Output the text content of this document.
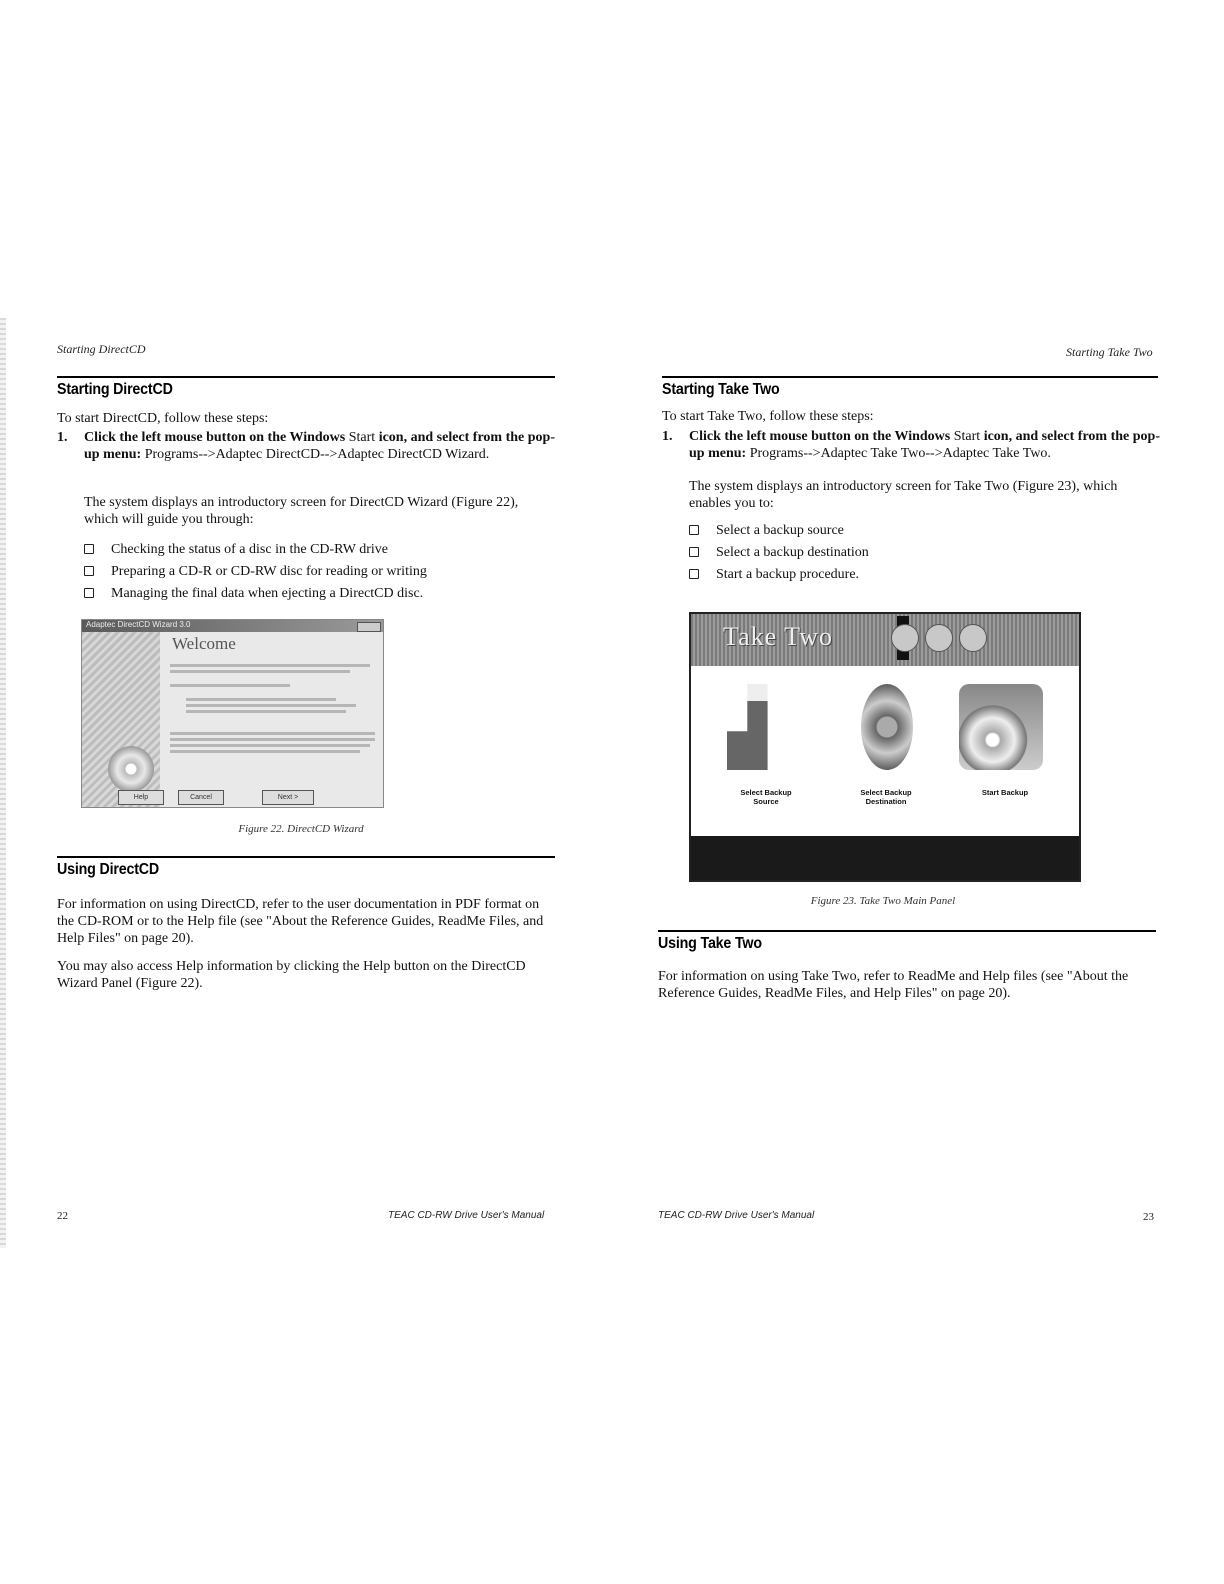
Starting DirectCD
Starting DirectCD
To start DirectCD, follow these steps:
1. Click the left mouse button on the Windows Start icon, and select from the pop-up menu: Programs-->Adaptec DirectCD-->Adaptec DirectCD Wizard.
The system displays an introductory screen for DirectCD Wizard (Figure 22), which will guide you through:
Checking the status of a disc in the CD-RW drive
Preparing a CD-R or CD-RW disc for reading or writing
Managing the final data when ejecting a DirectCD disc.
Adaptec DirectCD Wizard 3.0
Welcome
Help	Cancel	Next >
Figure 22. DirectCD Wizard
Using DirectCD
For information on using DirectCD, refer to the user documentation in PDF format on the CD-ROM or to the Help file (see "About the Reference Guides, ReadMe Files, and Help Files" on page 20).
You may also access Help information by clicking the Help button on the DirectCD Wizard Panel (Figure 22).
22	TEAC CD-RW Drive User's Manual
Starting Take Two
Starting Take Two
To start Take Two, follow these steps:
1. Click the left mouse button on the Windows Start icon, and select from the pop-up menu: Programs-->Adaptec Take Two-->Adaptec Take Two.
The system displays an introductory screen for Take Two (Figure 23), which enables you to:
Select a backup source
Select a backup destination
Start a backup procedure.
Take Two
Select Backup Source
Select Backup Destination
Start Backup
Figure 23. Take Two Main Panel
Using Take Two
For information on using Take Two, refer to ReadMe and Help files (see "About the Reference Guides, ReadMe Files, and Help Files" on page 20).
TEAC CD-RW Drive User's Manual	23
